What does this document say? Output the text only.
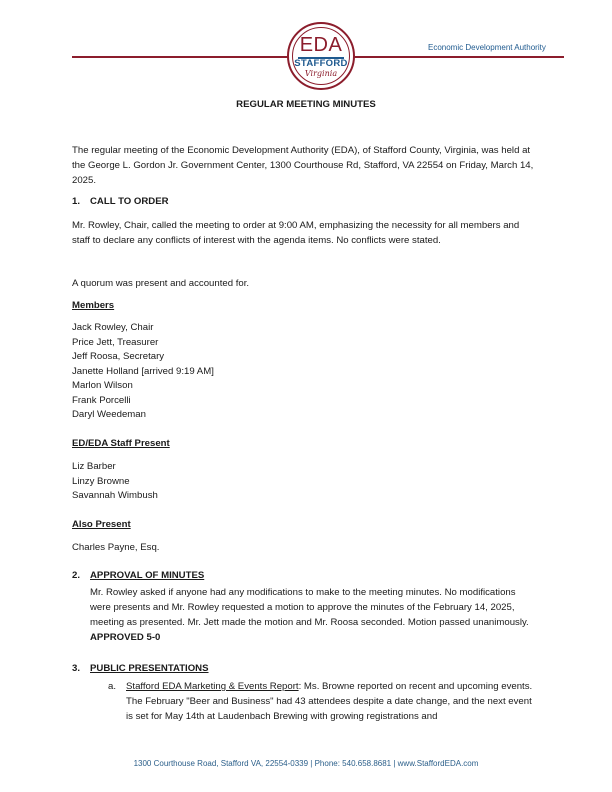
EDA
STAFFORD
Virginia
Economic Development Authority
REGULAR MEETING MINUTES

The regular meeting of the Economic Development Authority (EDA), of Stafford County, Virginia, was held at the George L. Gordon Jr. Government Center, 1300 Courthouse Rd, Stafford, VA 22554 on Friday, March 14, 2025.

1. CALL TO ORDER

Mr. Rowley, Chair, called the meeting to order at 9:00 AM, emphasizing the necessity for all members and staff to declare any conflicts of interest with the agenda items. No conflicts were stated.

A quorum was present and accounted for.

Members
Jack Rowley, Chair
Price Jett, Treasurer
Jeff Roosa, Secretary
Janette Holland [arrived 9:19 AM]
Marlon Wilson
Frank Porcelli
Daryl Weedeman
ED/EDA Staff Present
Liz Barber
Linzy Browne
Savannah Wimbush
Also Present
Charles Payne, Esq.
2. APPROVAL OF MINUTES

Mr. Rowley asked if anyone had any modifications to make to the meeting minutes. No modifications were presents and Mr. Rowley requested a motion to approve the minutes of the February 14, 2025, meeting as presented. Mr. Jett made the motion and Mr. Roosa seconded. Motion passed unanimously. APPROVED 5-0

3. PUBLIC PRESENTATIONS
a. Stafford EDA Marketing & Events Report: Ms. Browne reported on recent and upcoming events. The February "Beer and Business" had 43 attendees despite a date change, and the next event is set for May 14th at Laudenbach Brewing with growing registrations and

1300 Courthouse Road, Stafford VA, 22554-0339 | Phone: 540.658.8681 | www.StaffordEDA.com
